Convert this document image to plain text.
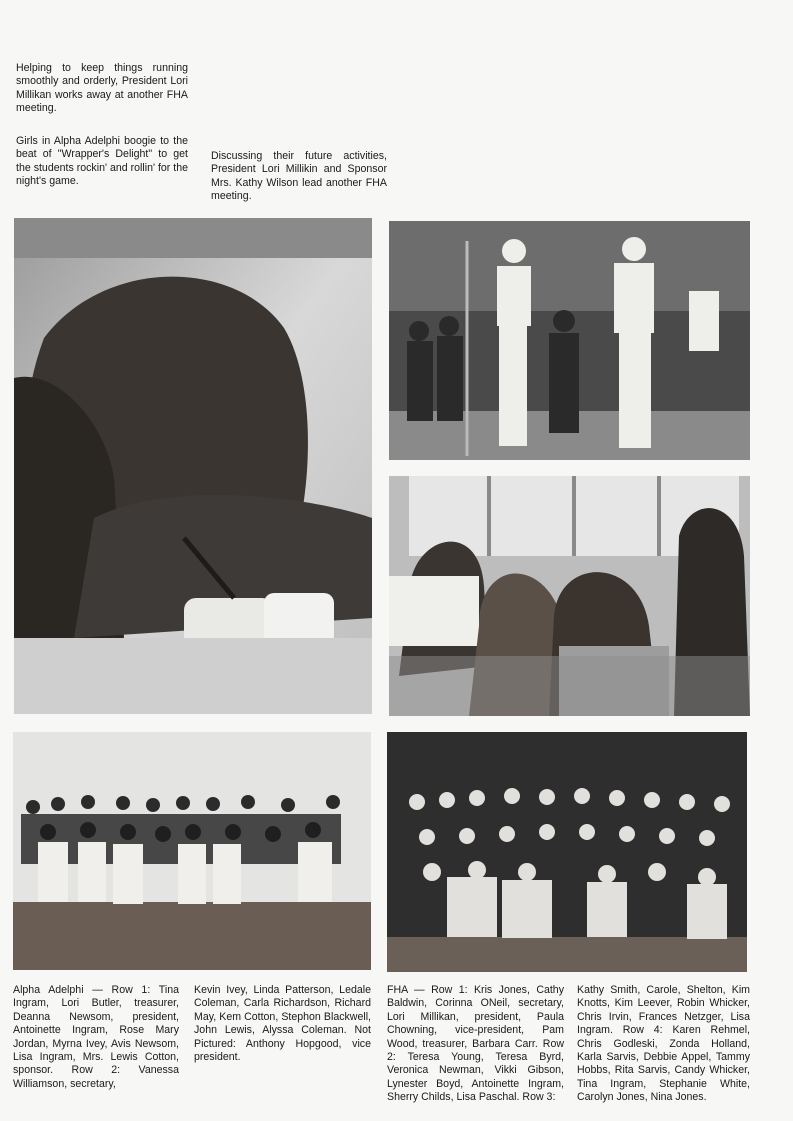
Helping to keep things running smoothly and orderly, President Lori Millikan works away at another FHA meeting.

Girls in Alpha Adelphi boogie to the beat of "Wrapper's Delight" to get the students rockin' and rollin' for the night's game.

Discussing their future activities, President Lori Millikin and Sponsor Mrs. Kathy Wilson lead another FHA meeting.

Alpha Adelphi — Row 1: Tina Ingram, Lori Butler, treasurer, Deanna Newsom, president, Antoinette Ingram, Rose Mary Jordan, Myrna Ivey, Avis Newsom, Lisa Ingram, Mrs. Lewis Cotton, sponsor. Row 2: Vanessa Williamson, secretary,

Kevin Ivey, Linda Patterson, Ledale Coleman, Carla Richardson, Richard May, Kem Cotton, Stephon Blackwell, John Lewis, Alyssa Coleman. Not Pictured: Anthony Hopgood, vice president.

FHA — Row 1: Kris Jones, Cathy Baldwin, Corinna ONeil, secretary, Lori Millikan, president, Paula Chowning, vice-president, Pam Wood, treasurer, Barbara Carr. Row 2: Teresa Young, Teresa Byrd, Veronica Newman, Vikki Gibson, Lynester Boyd, Antoinette Ingram, Sherry Childs, Lisa Paschal. Row 3:

Kathy Smith, Carole, Shelton, Kim Knotts, Kim Leever, Robin Whicker, Chris Irvin, Frances Netzger, Lisa Ingram. Row 4: Karen Rehmel, Chris Godleski, Zonda Holland, Karla Sarvis, Debbie Appel, Tammy Hobbs, Rita Sarvis, Candy Whicker, Tina Ingram, Stephanie White, Carolyn Jones, Nina Jones.
